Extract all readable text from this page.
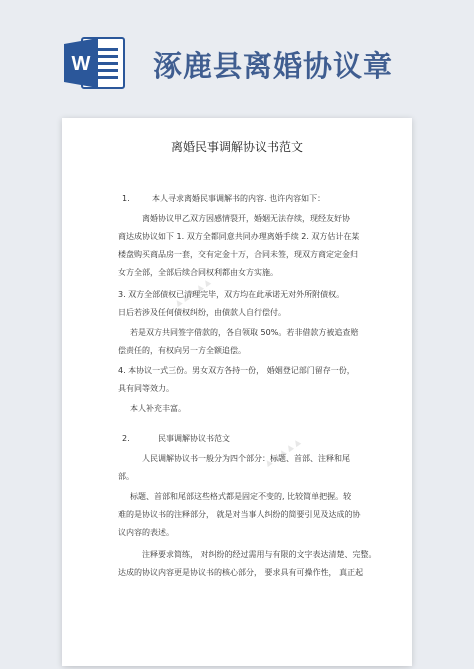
W 涿鹿县离婚协议章
▲ ▲ ▲ ▲ ▲
▲ ▲ ▲ ▲ ▲
离婚民事调解协议书范文
1.	本人寻求离婚民事调解书的内容. 也许内容如下：
离婚协议甲乙双方因感情裂开，婚姻无法存续，现经友好协
商达成协议如下 1. 双方全都同意共同办理离婚手续 2. 双方估计在某
楼盘购买商品房一套，交有定金十万，合同未签，现双方商定定金归
女方全部，全部后续合同权利都由女方实施。
3. 双方全部债权已清理完毕，双方均在此承诺无对外所附债权。
日后若涉及任何债权纠纷，由债款人自行偿付。
若是双方共同签字借款的，各自领取 50%。若非借款方被追查赔
偿责任的，有权向另一方全额追偿。
4. 本协议一式三份。男女双方各持一份， 婚姻登记部门留存一份，
具有同等效力。
本人补充丰富。
2.	民事调解协议书范文
人民调解协议书一般分为四个部分：标题、首部、注释和尾
部。
标题、首部和尾部这些格式都是固定不变的, 比较简单把握。较
难的是协议书的注释部分， 就是对当事人纠纷的简要引见及达成的协
议内容的表述。
注释要求简练， 对纠纷的经过需用与有限的文字表达清楚、完整。
达成的协议内容更是协议书的核心部分， 要求具有可操作性， 真正起
